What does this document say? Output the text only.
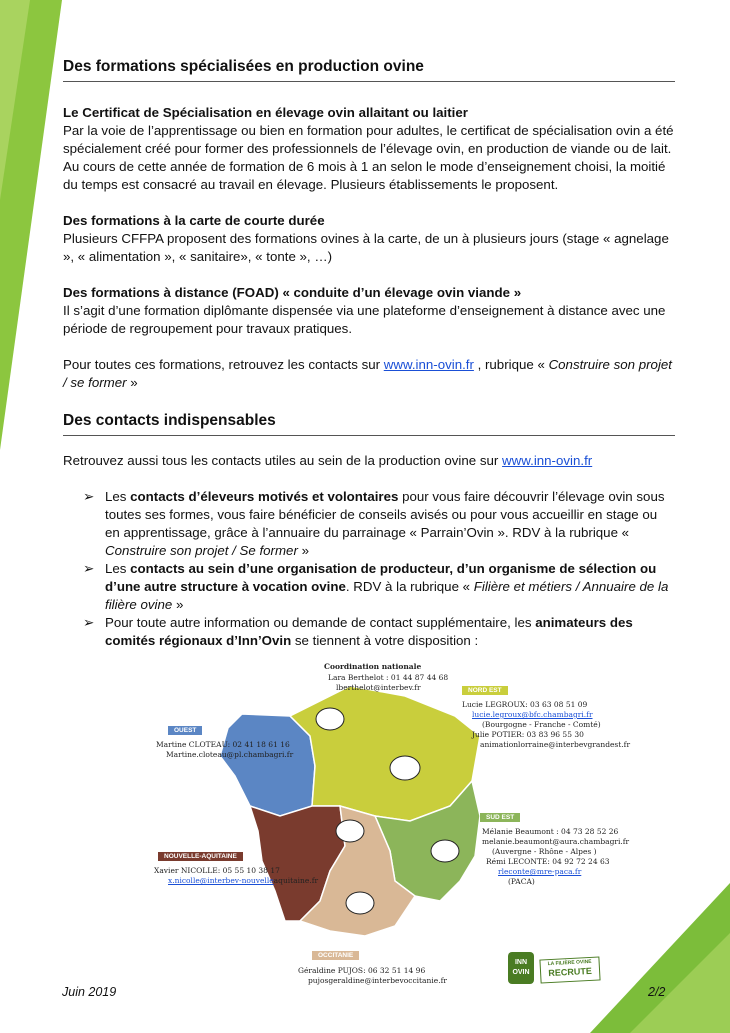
Des formations spécialisées en production ovine
Le Certificat de Spécialisation en élevage ovin allaitant ou laitier

Par la voie de l’apprentissage ou bien en formation pour adultes, le certificat de spécialisation ovin a été spécialement créé pour former des professionnels de l’élevage ovin, en production de viande ou de lait. Au cours de cette année de formation de 6 mois à 1 an selon le mode d’enseignement choisi, la moitié du temps est consacré au travail en élevage. Plusieurs établissements le proposent.

Des formations à la carte de courte durée

Plusieurs CFFPA proposent des formations ovines à la carte, de un à plusieurs jours (stage « agnelage », « alimentation », « sanitaire», « tonte », …)

Des formations à distance (FOAD) « conduite d’un élevage ovin viande »

Il s’agit d’une formation diplômante dispensée via une plateforme d’enseignement à distance avec une période de regroupement pour travaux pratiques.

Pour toutes ces formations, retrouvez les contacts sur www.inn-ovin.fr , rubrique « Construire son projet / se former »

Des contacts indispensables

Retrouvez aussi tous les contacts utiles au sein de la production ovine sur www.inn-ovin.fr

➢ Les contacts d’éleveurs motivés et volontaires pour vous faire découvrir l’élevage ovin sous toutes ses formes, vous faire bénéficier de conseils avisés ou pour vous accueillir en stage ou en apprentissage, grâce à l’annuaire du parrainage « Parrain’Ovin ». RDV à la rubrique « Construire son projet / Se former »
➢ Les contacts au sein d’une organisation de producteur, d’un organisme de sélection ou d’une autre structure à vocation ovine. RDV à la rubrique « Filière et métiers / Annuaire de la filière ovine »
➢ Pour toute autre information ou demande de contact supplémentaire, les animateurs des comités régionaux d’Inn’Ovin se tiennent à votre disposition :
Coordination nationale
Lara Berthelot : 01 44 87 44 68
lberthelot@interbev.fr	NORD EST
Lucie LEGROUX: 03 63 08 51 09
lucie.legroux@bfc.chambagri.fr
(Bourgogne - Franche - Comté)
Julie POTIER: 03 83 96 55 30
animationlorraine@interbevgrandest.fr
OUEST
Martine CLOTEAU: 02 41 18 61 16
Martine.cloteau@pl.chambagri.fr
SUD EST
Mélanie Beaumont : 04 73 28 52 26
melanie.beaumont@aura.chambagri.fr
(Auvergne - Rhône - Alpes )
Rémi LECONTE: 04 92 72 24 63
rleconte@mre-paca.fr
(PACA)
NOUVELLE-AQUITAINE
Xavier NICOLLE: 05 55 10 38 17
x.nicolle@interbev-nouvelleaquitaine.fr
OCCITANIE
Géraldine PUJOS: 06 32 51 14 96
pujosgeraldine@interbevoccitanie.fr
INN
OVIN
LA FILIÈRE OVINE
RECRUTE
Juin 2019	2/2
